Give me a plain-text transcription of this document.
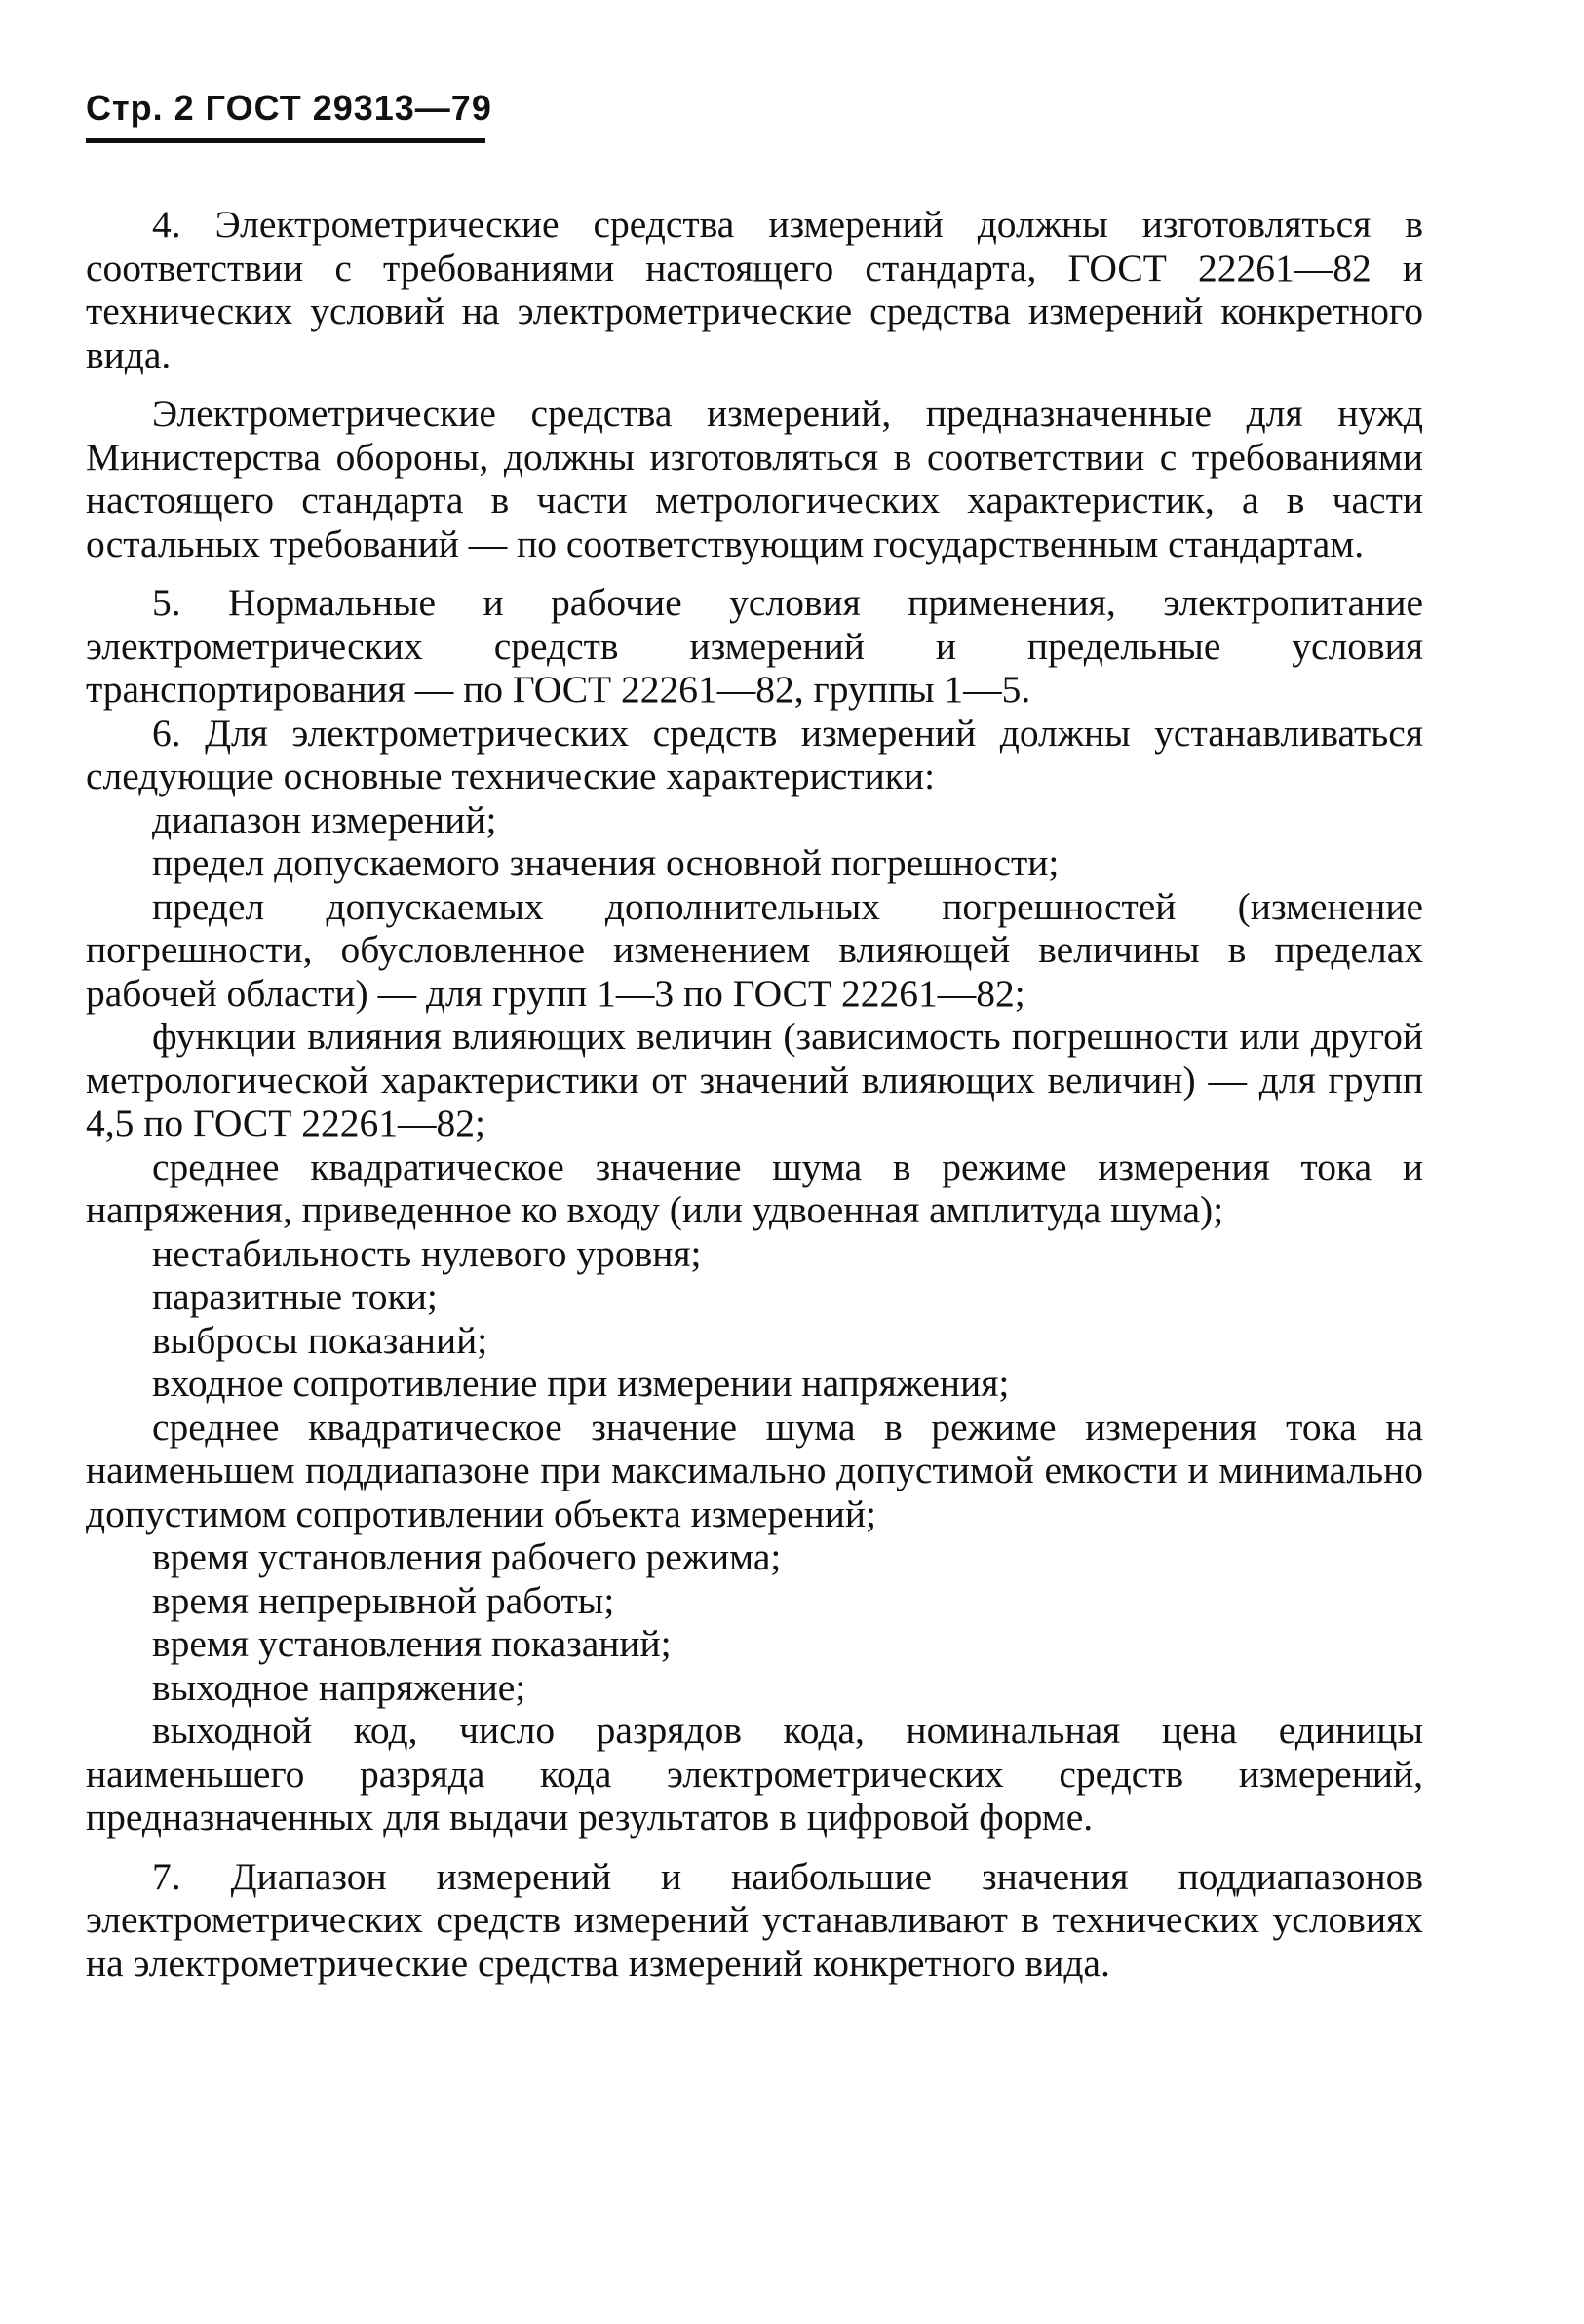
Стр. 2 ГОСТ 29313—79

4. Электрометрические средства измерений должны изготовляться в соответствии с требованиями настоящего стандарта, ГОСТ 22261—82 и технических условий на электрометрические средства измерений конкретного вида.

Электрометрические средства измерений, предназначенные для нужд Министерства обороны, должны изготовляться в соответствии с требованиями настоящего стандарта в части метрологических характеристик, а в части остальных требований — по соответствующим государственным стандартам.

5. Нормальные и рабочие условия применения, электропитание электрометрических средств измерений и предельные условия транспортирования — по ГОСТ 22261—82, группы 1—5.

6. Для электрометрических средств измерений должны устанавливаться следующие основные технические характеристики:

диапазон измерений;

предел допускаемого значения основной погрешности;

предел допускаемых дополнительных погрешностей (изменение погрешности, обусловленное изменением влияющей величины в пределах рабочей области) — для групп 1—3 по ГОСТ 22261—82;

функции влияния влияющих величин (зависимость погрешности или другой метрологической характеристики от значений влияющих величин) — для групп 4,5 по ГОСТ 22261—82;

среднее квадратическое значение шума в режиме измерения тока и напряжения, приведенное ко входу (или удвоенная амплитуда шума);

нестабильность нулевого уровня;

паразитные токи;

выбросы показаний;

входное сопротивление при измерении напряжения;

среднее квадратическое значение шума в режиме измерения тока на наименьшем поддиапазоне при максимально допустимой емкости и минимально допустимом сопротивлении объекта измерений;

время установления рабочего режима;

время непрерывной работы;

время установления показаний;

выходное напряжение;

выходной код, число разрядов кода, номинальная цена единицы наименьшего разряда кода электрометрических средств измерений, предназначенных для выдачи результатов в цифровой форме.

7. Диапазон измерений и наибольшие значения поддиапазонов электрометрических средств измерений устанавливают в технических условиях на электрометрические средства измерений конкретного вида.
